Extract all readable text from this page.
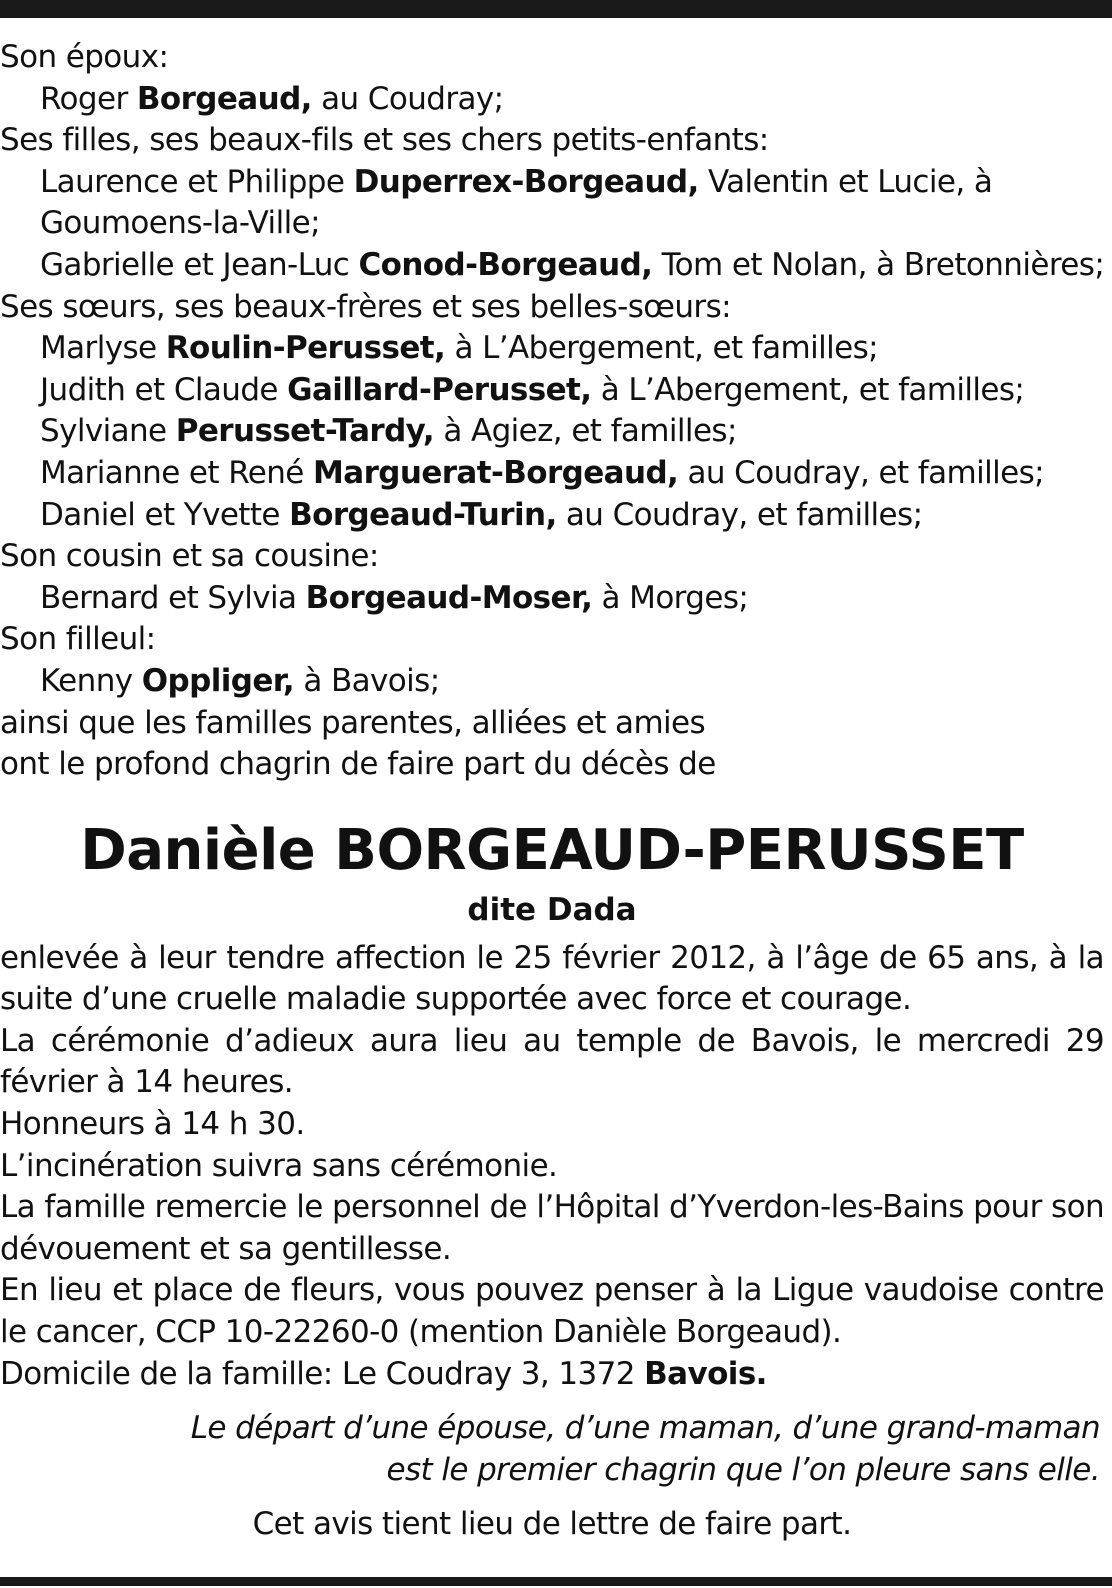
Son époux:
Roger Borgeaud, au Coudray;
Ses filles, ses beaux-fils et ses chers petits-enfants:
Laurence et Philippe Duperrex-Borgeaud, Valentin et Lucie, à Goumoens-la-Ville;
Gabrielle et Jean-Luc Conod-Borgeaud, Tom et Nolan, à Bretonnières;
Ses sœurs, ses beaux-frères et ses belles-sœurs:
Marlyse Roulin-Perusset, à L’Abergement, et familles;
Judith et Claude Gaillard-Perusset, à L’Abergement, et familles;
Sylviane Perusset-Tardy, à Agiez, et familles;
Marianne et René Marguerat-Borgeaud, au Coudray, et familles;
Daniel et Yvette Borgeaud-Turin, au Coudray, et familles;
Son cousin et sa cousine:
Bernard et Sylvia Borgeaud-Moser, à Morges;
Son filleul:
Kenny Oppliger, à Bavois;
ainsi que les familles parentes, alliées et amies
ont le profond chagrin de faire part du décès de
Danièle BORGEAUD-PERUSSET
dite Dada
enlevée à leur tendre affection le 25 février 2012, à l’âge de 65 ans, à la suite d’une cruelle maladie supportée avec force et courage.
La cérémonie d’adieux aura lieu au temple de Bavois, le mercredi 29 février à 14 heures.
Honneurs à 14 h 30.
L’incinération suivra sans cérémonie.
La famille remercie le personnel de l’Hôpital d’Yverdon-les-Bains pour son dévouement et sa gentillesse.
En lieu et place de fleurs, vous pouvez penser à la Ligue vaudoise contre le cancer, CCP 10-22260-0 (mention Danièle Borgeaud).
Domicile de la famille: Le Coudray 3, 1372 Bavois.
Le départ d’une épouse, d’une maman, d’une grand-maman
est le premier chagrin que l’on pleure sans elle.
Cet avis tient lieu de lettre de faire part.
